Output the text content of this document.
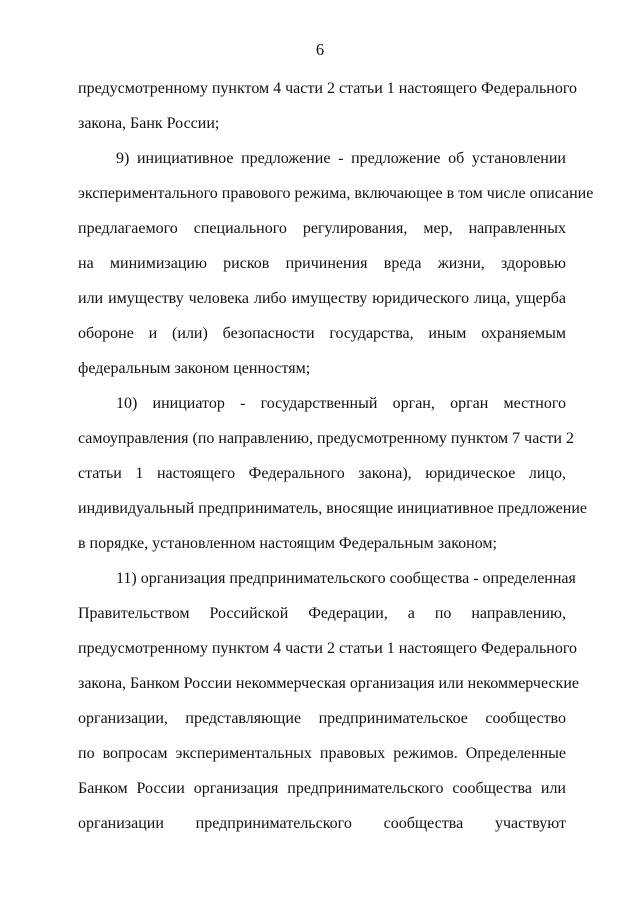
6
предусмотренному пунктом 4 части 2 статьи 1 настоящего Федерального
закона, Банк России;
9) инициативное предложение - предложение об установлении
экспериментального правового режима, включающее в том числе описание
предлагаемого специального регулирования, мер, направленных
на минимизацию рисков причинения вреда жизни, здоровью
или имуществу человека либо имуществу юридического лица, ущерба
обороне и (или) безопасности государства, иным охраняемым
федеральным законом ценностям;
10) инициатор - государственный орган, орган местного
самоуправления (по направлению, предусмотренному пунктом 7 части 2
статьи 1 настоящего Федерального закона), юридическое лицо,
индивидуальный предприниматель, вносящие инициативное предложение
в порядке, установленном настоящим Федеральным законом;
11) организация предпринимательского сообщества - определенная
Правительством Российской Федерации, а по направлению,
предусмотренному пунктом 4 части 2 статьи 1 настоящего Федерального
закона, Банком России некоммерческая организация или некоммерческие
организации, представляющие предпринимательское сообщество
по вопросам экспериментальных правовых режимов. Определенные
Банком России организация предпринимательского сообщества или
организации предпринимательского сообщества участвуют
